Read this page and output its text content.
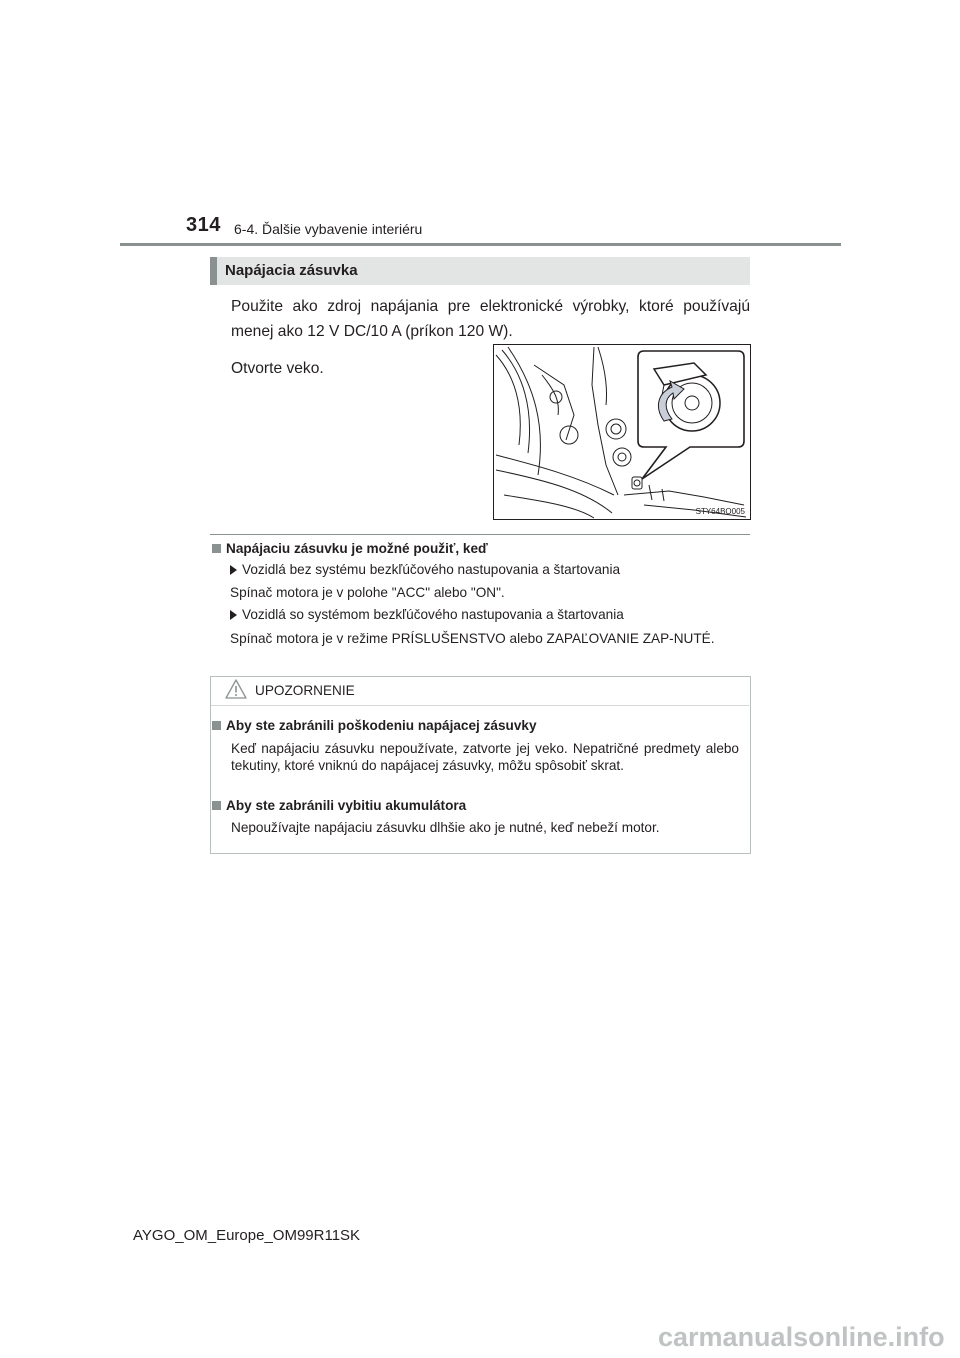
314 6-4. Ďalšie vybavenie interiéru
Napájacia zásuvka
Použite ako zdroj napájania pre elektronické výrobky, ktoré používajú menej ako 12 V DC/10 A (príkon 120 W).
Otvorte veko.
STY64BO005
Napájaciu zásuvku je možné použiť, keď
Vozidlá bez systému bezkľúčového nastupovania a štartovania
Spínač motora je v polohe "ACC" alebo "ON".
Vozidlá so systémom bezkľúčového nastupovania a štartovania
Spínač motora je v režime PRÍSLUŠENSTVO alebo ZAPAĽOVANIE ZAP-NUTÉ.
UPOZORNENIE
Aby ste zabránili poškodeniu napájacej zásuvky
Keď napájaciu zásuvku nepoužívate, zatvorte jej veko. Nepatričné predmety alebo tekutiny, ktoré vniknú do napájacej zásuvky, môžu spôsobiť skrat.
Aby ste zabránili vybitiu akumulátora
Nepoužívajte napájaciu zásuvku dlhšie ako je nutné, keď nebeží motor.
AYGO_OM_Europe_OM99R11SK
carmanualsonline.info
